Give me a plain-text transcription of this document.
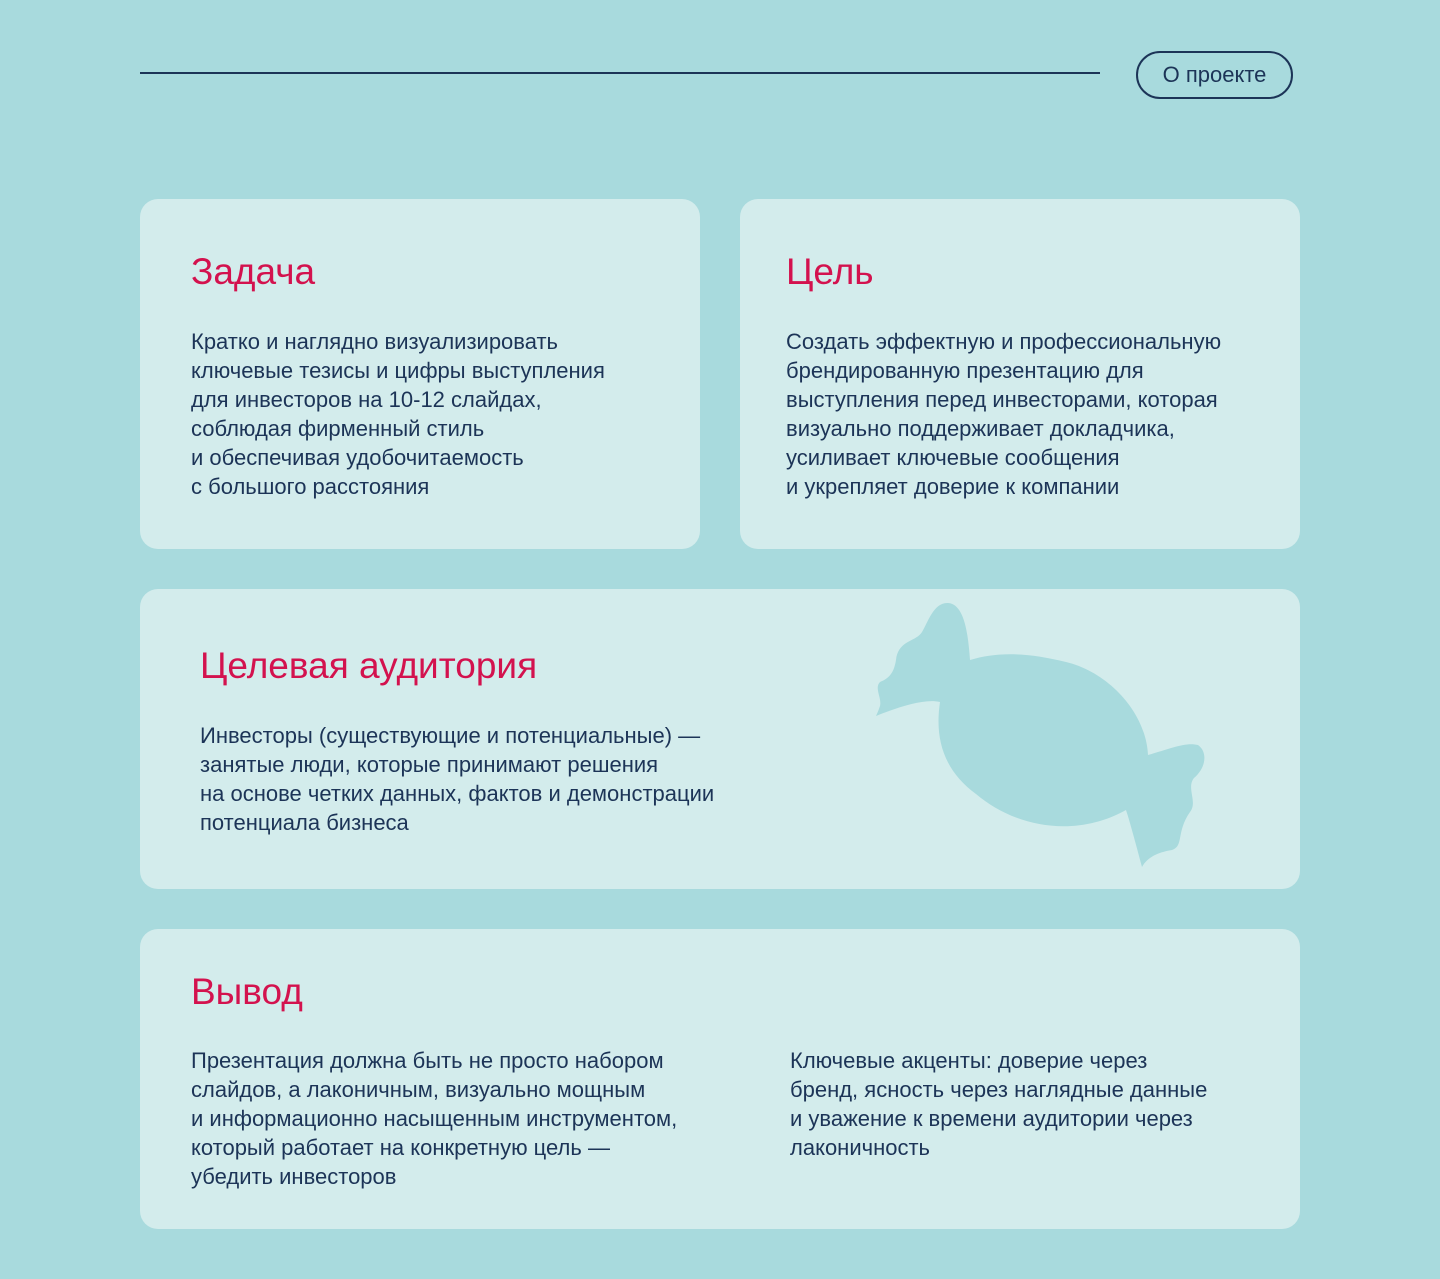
О проекте
Задача

Кратко и наглядно визуализировать
ключевые тезисы и цифры выступления
для инвесторов на 10-12 слайдах,
соблюдая фирменный стиль
и обеспечивая удобочитаемость
с большого расстояния

Цель

Создать эффектную и профессиональную
брендированную презентацию для
выступления перед инвесторами, которая
визуально поддерживает докладчика,
усиливает ключевые сообщения
и укрепляет доверие к компании

Целевая аудитория

Инвесторы (существующие и потенциальные) —
занятые люди, которые принимают решения
на основе четких данных, фактов и демонстрации
потенциала бизнеса

Вывод

Презентация должна быть не просто набором
слайдов, а лаконичным, визуально мощным
и информационно насыщенным инструментом,
который работает на конкретную цель —
убедить инвесторов

Ключевые акценты: доверие через
бренд, ясность через наглядные данные
и уважение к времени аудитории через
лаконичность
